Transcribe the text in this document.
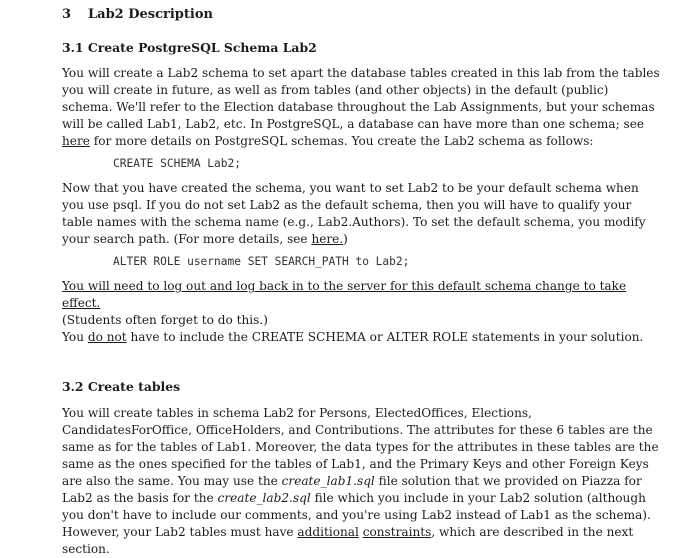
3 Lab2 Description
3.1 Create PostgreSQL Schema Lab2
You will create a Lab2 schema to set apart the database tables created in this lab from the tables you will create in future, as well as from tables (and other objects) in the default (public) schema. We'll refer to the Election database throughout the Lab Assignments, but your schemas will be called Lab1, Lab2, etc. In PostgreSQL, a database can have more than one schema; see here for more details on PostgreSQL schemas. You create the Lab2 schema as follows:
CREATE SCHEMA Lab2;
Now that you have created the schema, you want to set Lab2 to be your default schema when you use psql. If you do not set Lab2 as the default schema, then you will have to qualify your table names with the schema name (e.g., Lab2.Authors). To set the default schema, you modify your search path. (For more details, see here.)
ALTER ROLE username SET SEARCH_PATH to Lab2;
You will need to log out and log back in to the server for this default schema change to take effect.
(Students often forget to do this.)
You do not have to include the CREATE SCHEMA or ALTER ROLE statements in your solution.
3.2 Create tables
You will create tables in schema Lab2 for Persons, ElectedOffices, Elections, CandidatesForOffice, OfficeHolders, and Contributions. The attributes for these 6 tables are the same as for the tables of Lab1. Moreover, the data types for the attributes in these tables are the same as the ones specified for the tables of Lab1, and the Primary Keys and other Foreign Keys are also the same. You may use the create_lab1.sql file solution that we provided on Piazza for Lab2 as the basis for the create_lab2.sql file which you include in your Lab2 solution (although you don't have to include our comments, and you're using Lab2 instead of Lab1 as the schema). However, your Lab2 tables must have additional constraints, which are described in the next section.
